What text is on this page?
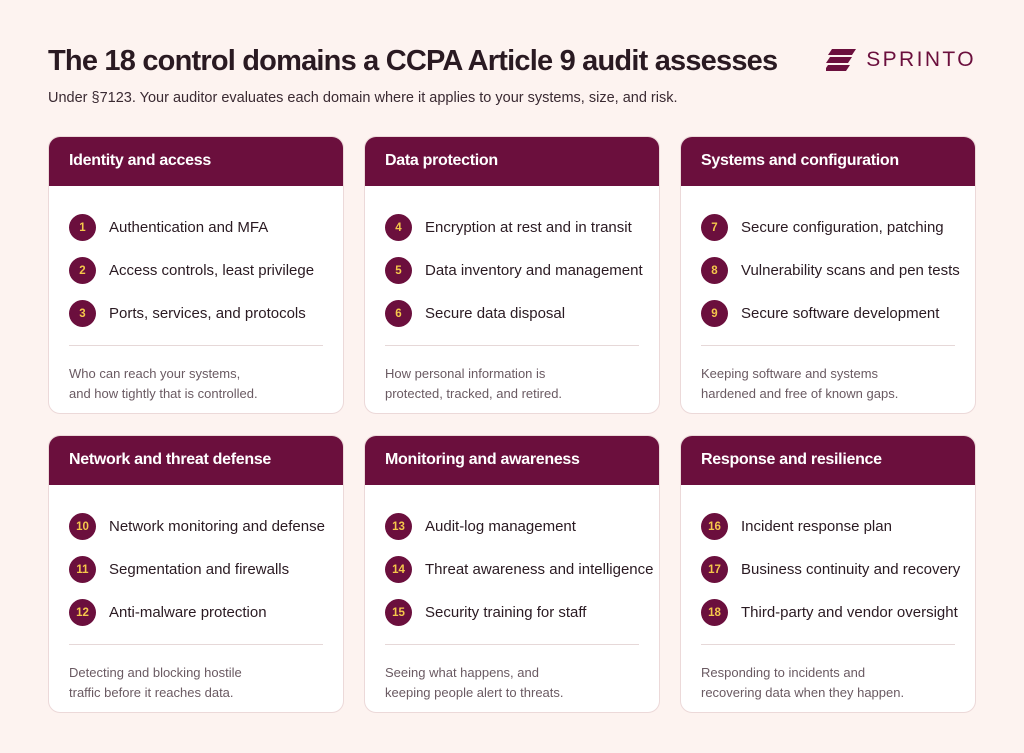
The 18 control domains a CCPA Article 9 audit assesses

Under §7123. Your auditor evaluates each domain where it applies to your systems, size, and risk.

SPRINTO
Identity and access
1	Authentication and MFA
2	Access controls, least privilege
3	Ports, services, and protocols

Who can reach your systems,
and how tightly that is controlled.

Data protection
4	Encryption at rest and in transit
5	Data inventory and management
6	Secure data disposal

How personal information is
protected, tracked, and retired.

Systems and configuration
7	Secure configuration, patching
8	Vulnerability scans and pen tests
9	Secure software development

Keeping software and systems
hardened and free of known gaps.

Network and threat defense
10	Network monitoring and defense
11	Segmentation and firewalls
12	Anti-malware protection

Detecting and blocking hostile
traffic before it reaches data.

Monitoring and awareness
13	Audit-log management
14	Threat awareness and intelligence
15	Security training for staff

Seeing what happens, and
keeping people alert to threats.

Response and resilience
16	Incident response plan
17	Business continuity and recovery
18	Third-party and vendor oversight

Responding to incidents and
recovering data when they happen.
